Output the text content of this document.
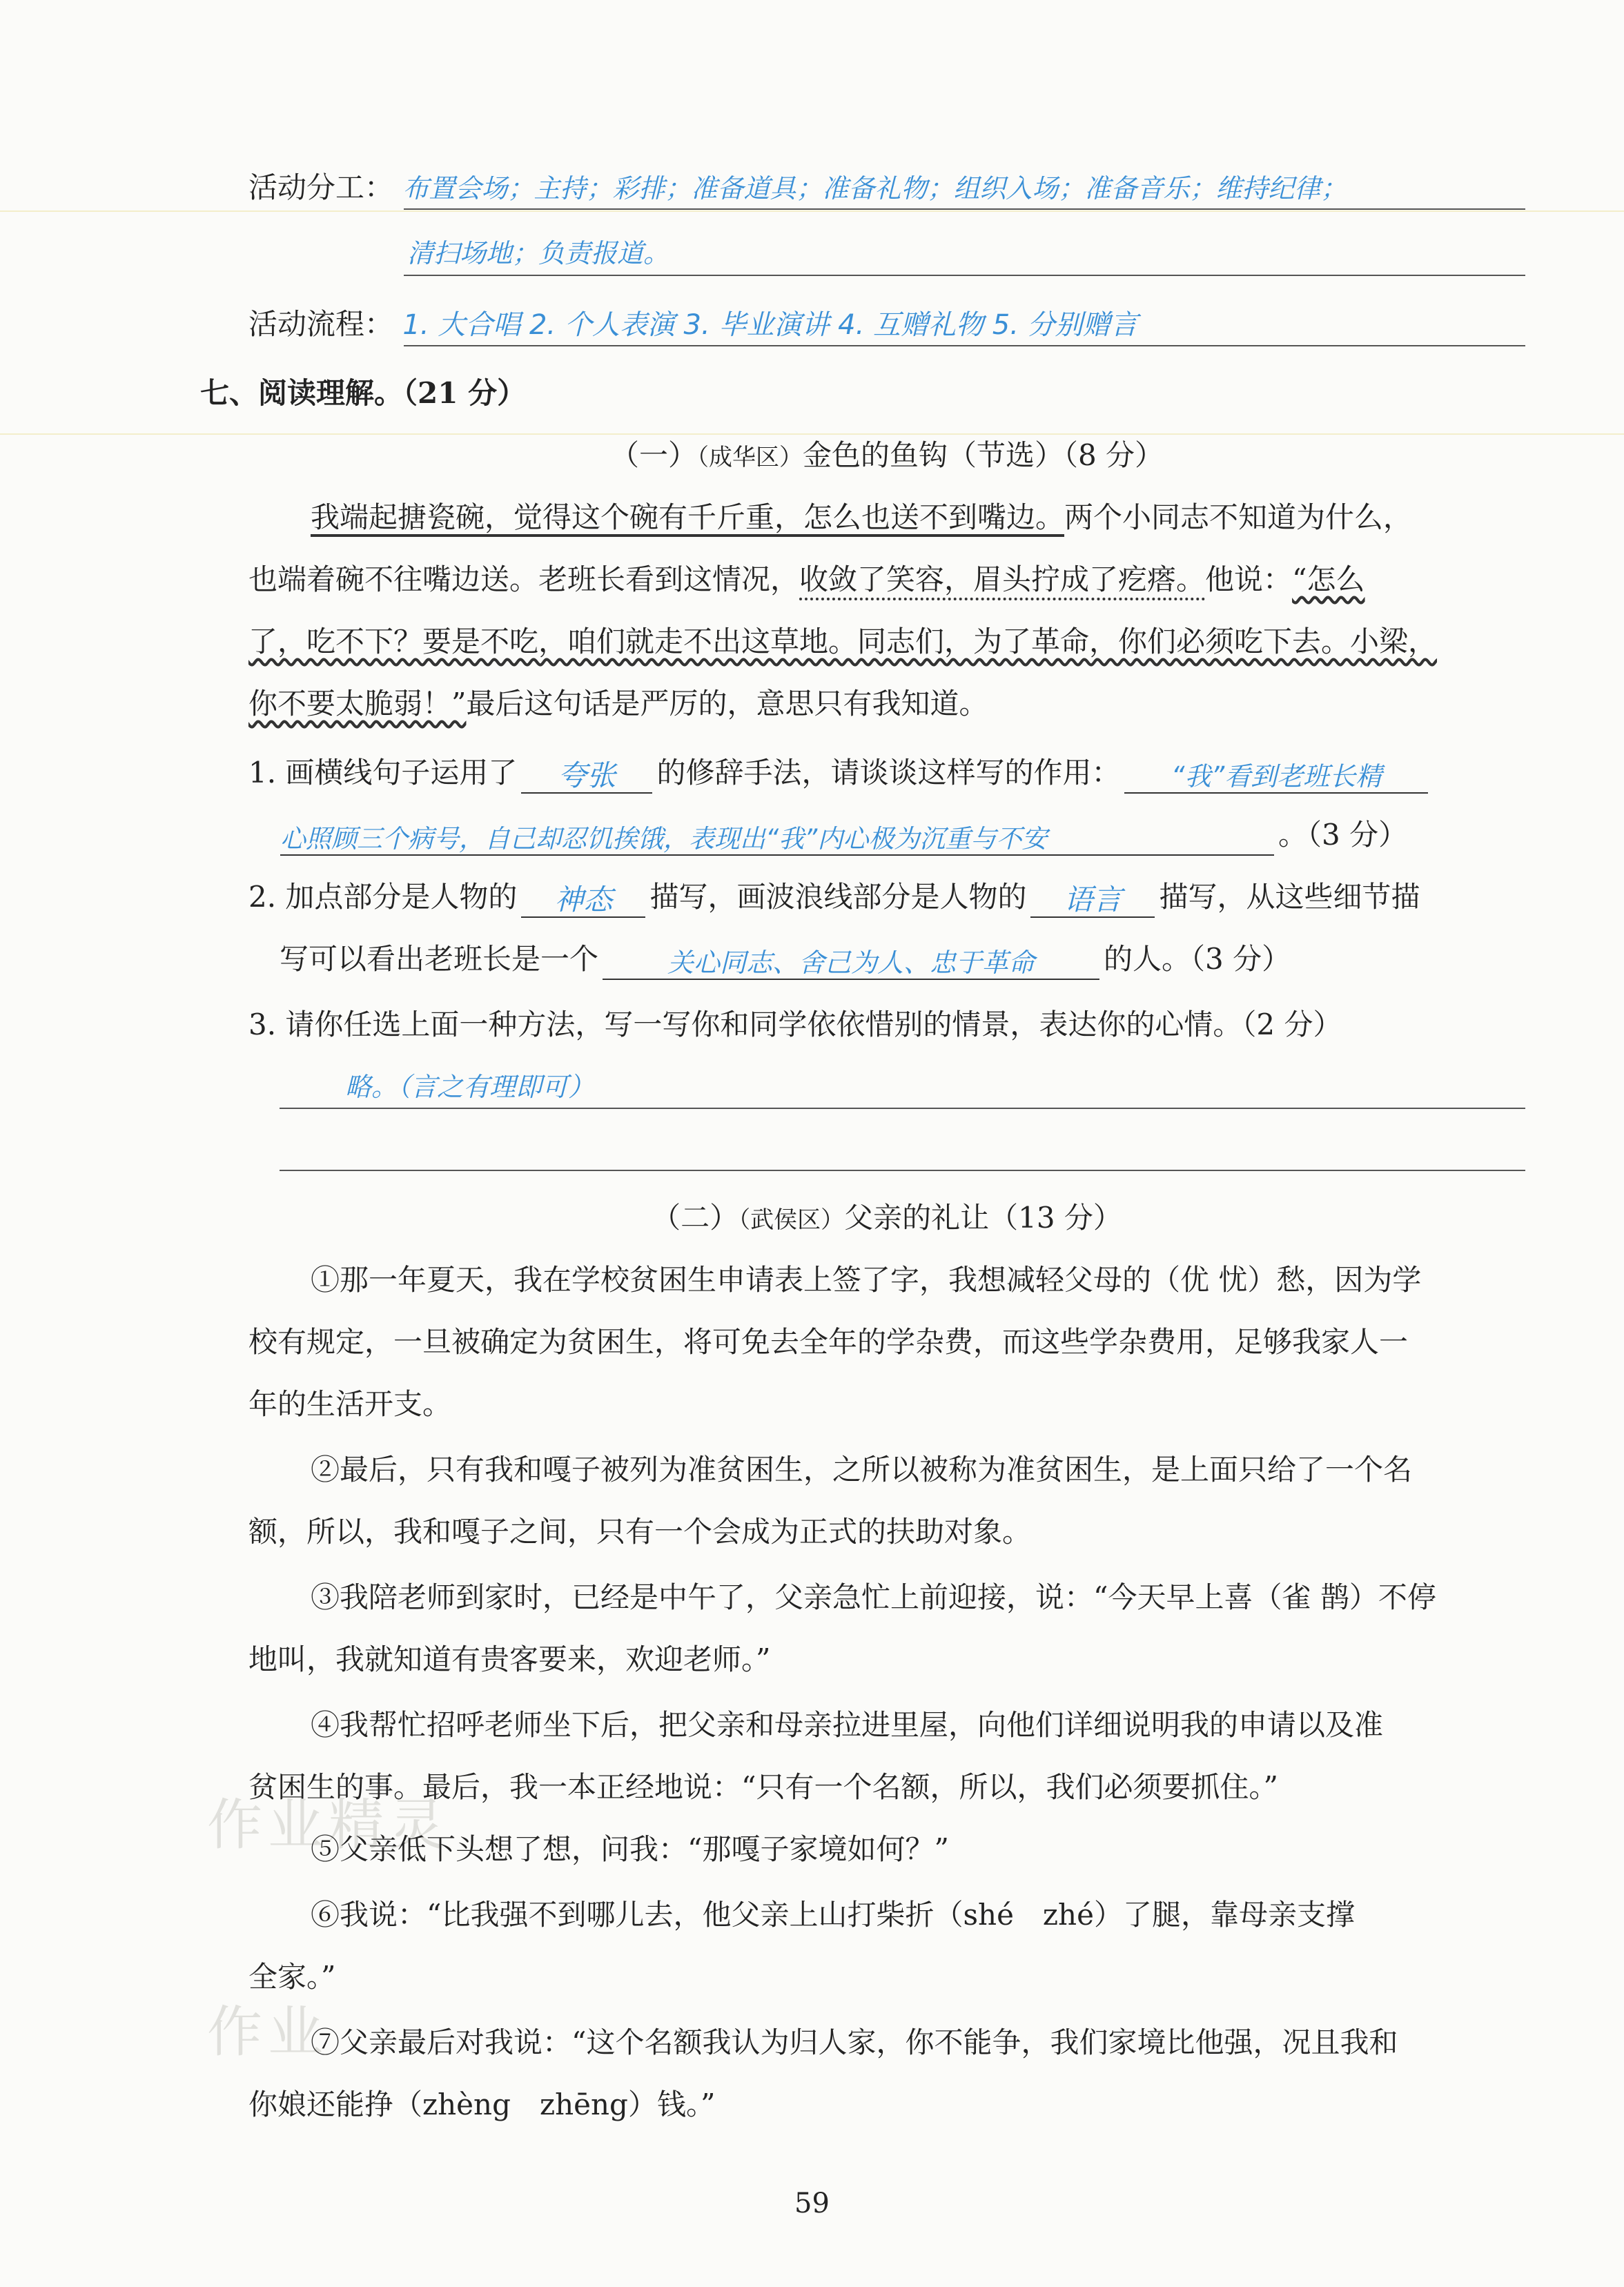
活动分工： 布置会场；主持；彩排；准备道具；准备礼物；组织入场；准备音乐；维持纪律；
清扫场地；负责报道。
活动流程： 1. 大合唱 2. 个人表演 3. 毕业演讲 4. 互赠礼物 5. 分别赠言
七、阅读理解。（21 分）
（一）（成华区）金色的鱼钩（节选）（8 分）
我端起搪瓷碗，觉得这个碗有千斤重，怎么也送不到嘴边。两个小同志不知道为什么，
也端着碗不往嘴边送。老班长看到这情况，收敛了笑容，眉头拧成了疙瘩。他说：“怎么
了，吃不下？要是不吃，咱们就走不出这草地。同志们，为了革命，你们必须吃下去。小梁，
你不要太脆弱！”最后这句话是严厉的，意思只有我知道。
1. 画横线句子运用了 夸张 的修辞手法，请谈谈这样写的作用： “我”看到老班长精
心照顾三个病号，自己却忍饥挨饿，表现出“我”内心极为沉重与不安	。（3 分）
2. 加点部分是人物的 神态 描写，画波浪线部分是人物的 语言 描写，从这些细节描
写可以看出老班长是一个	关心同志、舍己为人、忠于革命 的人。（3 分）
3. 请你任选上面一种方法，写一写你和同学依依惜别的情景，表达你的心情。（2 分）
略。（言之有理即可）
（二）（武侯区）父亲的礼让（13 分）
①那一年夏天，我在学校贫困生申请表上签了字，我想减轻父母的（优 忧）愁，因为学
校有规定，一旦被确定为贫困生，将可免去全年的学杂费，而这些学杂费用，足够我家人一
年的生活开支。
②最后，只有我和嘎子被列为准贫困生，之所以被称为准贫困生，是上面只给了一个名
额，所以，我和嘎子之间，只有一个会成为正式的扶助对象。
③我陪老师到家时，已经是中午了，父亲急忙上前迎接，说：“今天早上喜（雀 鹊）不停
地叫，我就知道有贵客要来，欢迎老师。”
④我帮忙招呼老师坐下后，把父亲和母亲拉进里屋，向他们详细说明我的申请以及准
贫困生的事。最后，我一本正经地说：“只有一个名额，所以，我们必须要抓住。”
作业精灵
⑤父亲低下头想了想，问我：“那嘎子家境如何？”
⑥我说：“比我强不到哪儿去，他父亲上山打柴折（shé　zhé）了腿，靠母亲支撑
全家。”
作业
⑦父亲最后对我说：“这个名额我认为归人家，你不能争，我们家境比他强，况且我和
你娘还能挣（zhèng　zhēng）钱。”
59
